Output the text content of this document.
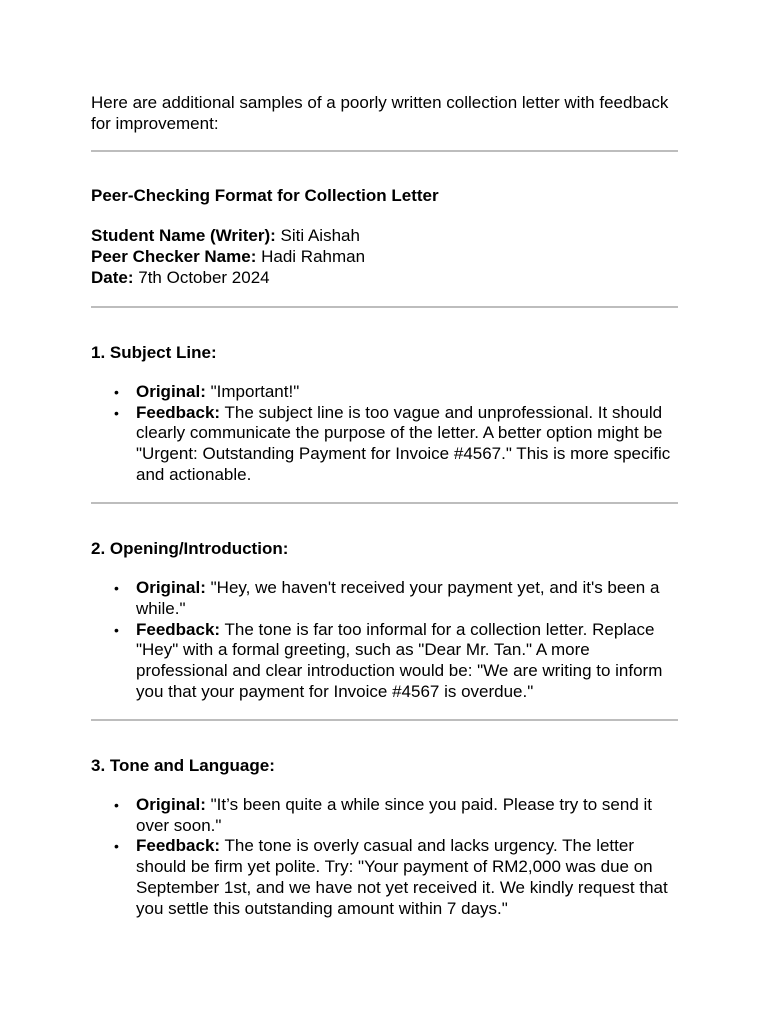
Here are additional samples of a poorly written collection letter with feedback for improvement:

Peer-Checking Format for Collection Letter

Student Name (Writer): Siti Aishah

Peer Checker Name: Hadi Rahman

Date: 7th October 2024

1. Subject Line:

• Original: "Important!"
• Feedback: The subject line is too vague and unprofessional. It should clearly communicate the purpose of the letter. A better option might be "Urgent: Outstanding Payment for Invoice #4567." This is more specific and actionable.

2. Opening/Introduction:

• Original: "Hey, we haven't received your payment yet, and it's been a while."
• Feedback: The tone is far too informal for a collection letter. Replace "Hey" with a formal greeting, such as "Dear Mr. Tan." A more professional and clear introduction would be: "We are writing to inform you that your payment for Invoice #4567 is overdue."

3. Tone and Language:

• Original: "It’s been quite a while since you paid. Please try to send it over soon."
• Feedback: The tone is overly casual and lacks urgency. The letter should be firm yet polite. Try: "Your payment of RM2,000 was due on September 1st, and we have not yet received it. We kindly request that you settle this outstanding amount within 7 days."
